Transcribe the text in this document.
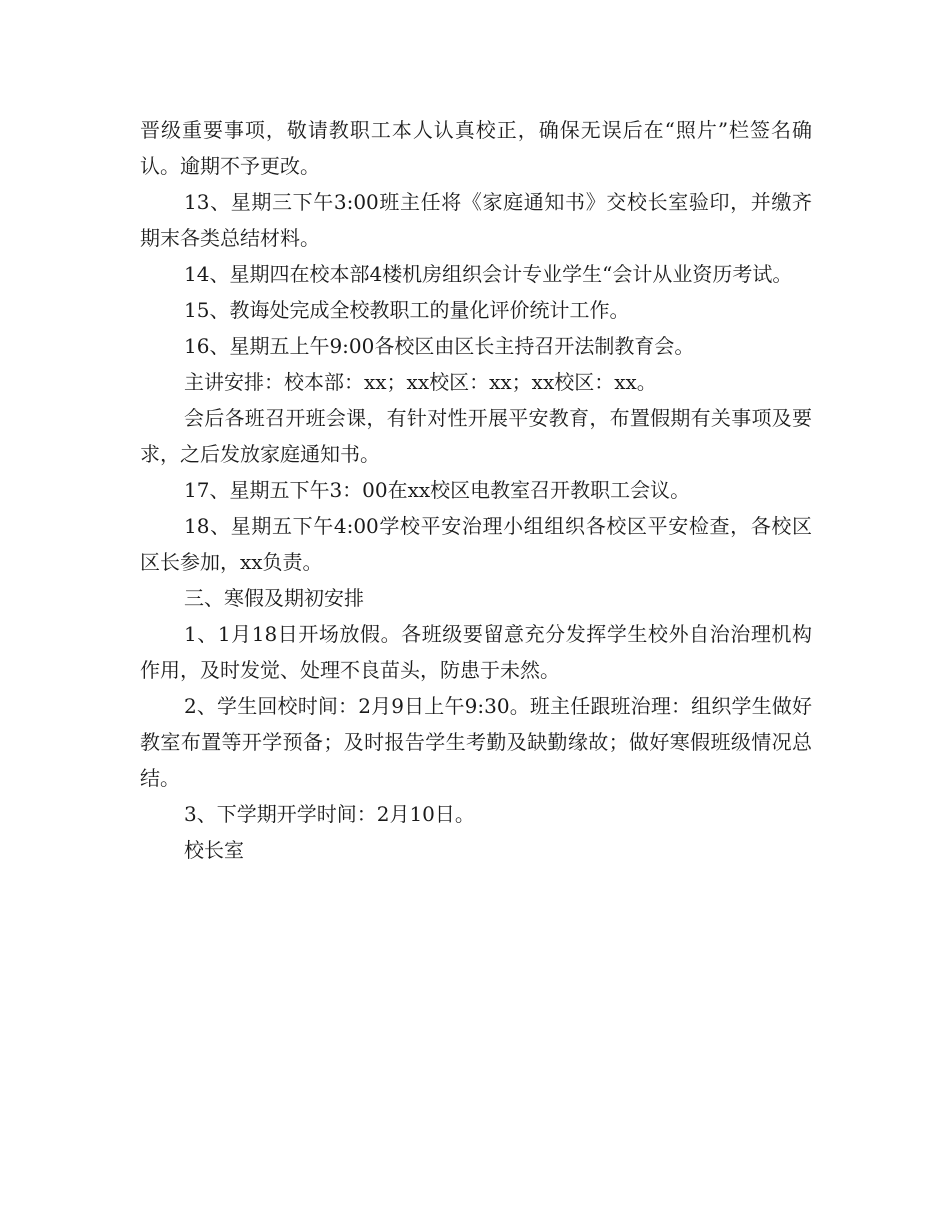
晋级重要事项，敬请教职工本人认真校正，确保无误后在“照片”栏签名确认。逾期不予更改。

13、星期三下午3:00班主任将《家庭通知书》交校长室验印，并缴齐期末各类总结材料。

14、星期四在校本部4楼机房组织会计专业学生“会计从业资历考试。

15、教诲处完成全校教职工的量化评价统计工作。

16、星期五上午9:00各校区由区长主持召开法制教育会。

主讲安排：校本部：xx；xx校区：xx；xx校区：xx。

会后各班召开班会课，有针对性开展平安教育，布置假期有关事项及要求，之后发放家庭通知书。

17、星期五下午3：00在xx校区电教室召开教职工会议。

18、星期五下午4:00学校平安治理小组组织各校区平安检查，各校区区长参加，xx负责。

三、寒假及期初安排

1、1月18日开场放假。各班级要留意充分发挥学生校外自治治理机构作用，及时发觉、处理不良苗头，防患于未然。

2、学生回校时间：2月9日上午9:30。班主任跟班治理：组织学生做好教室布置等开学预备；及时报告学生考勤及缺勤缘故；做好寒假班级情况总结。

3、下学期开学时间：2月10日。

校长室
